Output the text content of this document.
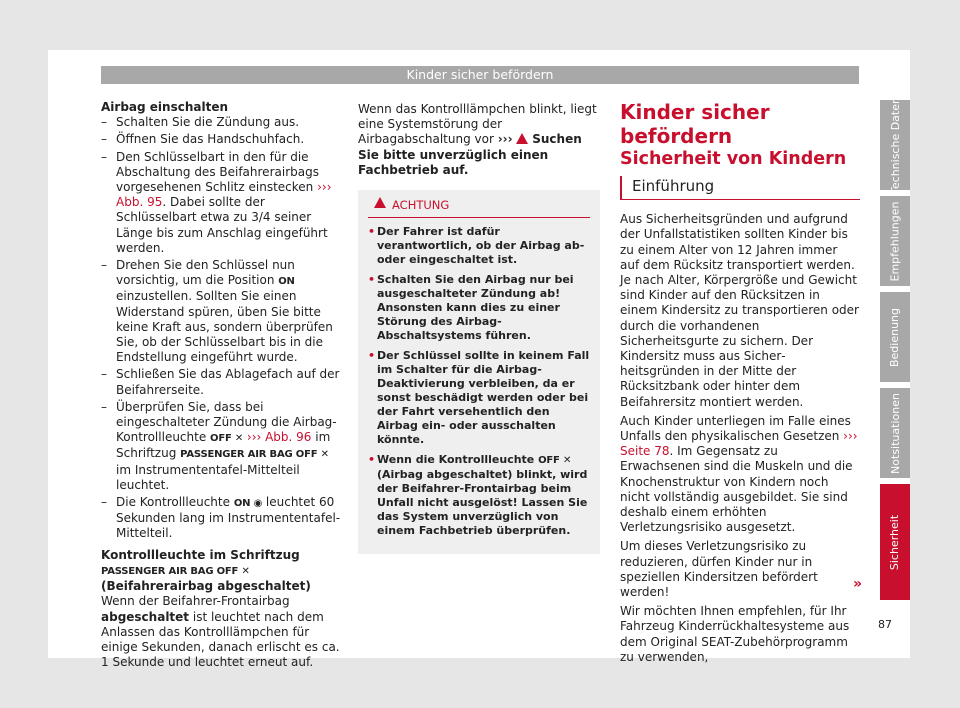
Kinder sicher befördern

Airbag einschalten

– Schalten Sie die Zündung aus.
– Öffnen Sie das Handschuhfach.
– Den Schlüsselbart in den für die Abschaltung des Beifahrerairbags vorgesehenen Schlitz einstecken ››› Abb. 95. Dabei sollte der Schlüsselbart etwa zu 3/4 seiner Länge bis zum Anschlag eingeführt werden.
– Drehen Sie den Schlüssel nun vorsichtig, um die Position ON einzustellen. Sollten Sie einen Widerstand spüren, üben Sie bitte keine Kraft aus, sondern überprüfen Sie, ob der Schlüsselbart bis in die Endstellung eingeführt wurde.
– Schließen Sie das Ablagefach auf der Beifahrerseite.
– Überprüfen Sie, dass bei eingeschalteter Zündung die Airbag-Kontrollleuchte OFF ✕ ››› Abb. 96 im Schriftzug PASSENGER AIR BAG OFF ✕ im Instrumententafel-Mittelteil leuchtet.
– Die Kontrollleuchte ON ◉ leuchtet 60 Sekunden lang im Instrumententafel-Mittelteil.

Kontrollleuchte im Schriftzug PASSENGER AIR BAG OFF ✕ (Beifahrerairbag abgeschaltet)

Wenn der Beifahrer-Frontairbag abgeschaltet ist leuchtet nach dem Anlassen das Kontrolllämpchen für einige Sekunden, danach erlischt es ca. 1 Sekunde und leuchtet erneut auf.

Wenn das Kontrolllämpchen blinkt, liegt eine Systemstörung der Airbagabschaltung vor ››› Suchen Sie bitte unverzüglich einen Fachbetrieb auf.

ACHTUNG
• Der Fahrer ist dafür verantwortlich, ob der Airbag ab- oder eingeschaltet ist.
• Schalten Sie den Airbag nur bei ausgeschalteter Zündung ab! Ansonsten kann dies zu einer Störung des Airbag-Abschaltsystems führen.
• Der Schlüssel sollte in keinem Fall im Schalter für die Airbag-Deaktivierung verbleiben, da er sonst beschädigt werden oder bei der Fahrt versehentlich den Airbag ein- oder ausschalten könnte.
• Wenn die Kontrollleuchte OFF ✕ (Airbag abgeschaltet) blinkt, wird der Beifahrer-Frontairbag beim Unfall nicht ausgelöst! Lassen Sie das System unverzüglich von einem Fachbetrieb überprüfen.

Kinder sicher befördern

Sicherheit von Kindern

Einführung

Aus Sicherheitsgründen und aufgrund der Unfallstatistiken sollten Kinder bis zu einem Alter von 12 Jahren immer auf dem Rücksitz transportiert werden. Je nach Alter, Körpergröße und Gewicht sind Kinder auf den Rücksitzen in einem Kindersitz zu transportieren oder durch die vorhandenen Sicherheitsgurte zu sichern. Der Kindersitz muss aus Sicherheitsgründen in der Mitte der Rücksitzbank oder hinter dem Beifahrersitz montiert werden.

Auch Kinder unterliegen im Falle eines Unfalls den physikalischen Gesetzen ››› Seite 78. Im Gegensatz zu Erwachsenen sind die Muskeln und die Knochenstruktur von Kindern noch nicht vollständig ausgebildet. Sie sind deshalb einem erhöhten Verletzungsrisiko ausgesetzt.

Um dieses Verletzungsrisiko zu reduzieren, dürfen Kinder nur in speziellen Kindersitzen befördert werden!

Wir möchten Ihnen empfehlen, für Ihr Fahrzeug Kinderrückhaltesysteme aus dem Original SEAT-Zubehörprogramm zu verwenden,

»
Technische Daten
Empfehlungen
Bedienung
Notsituationen
Sicherheit
87
